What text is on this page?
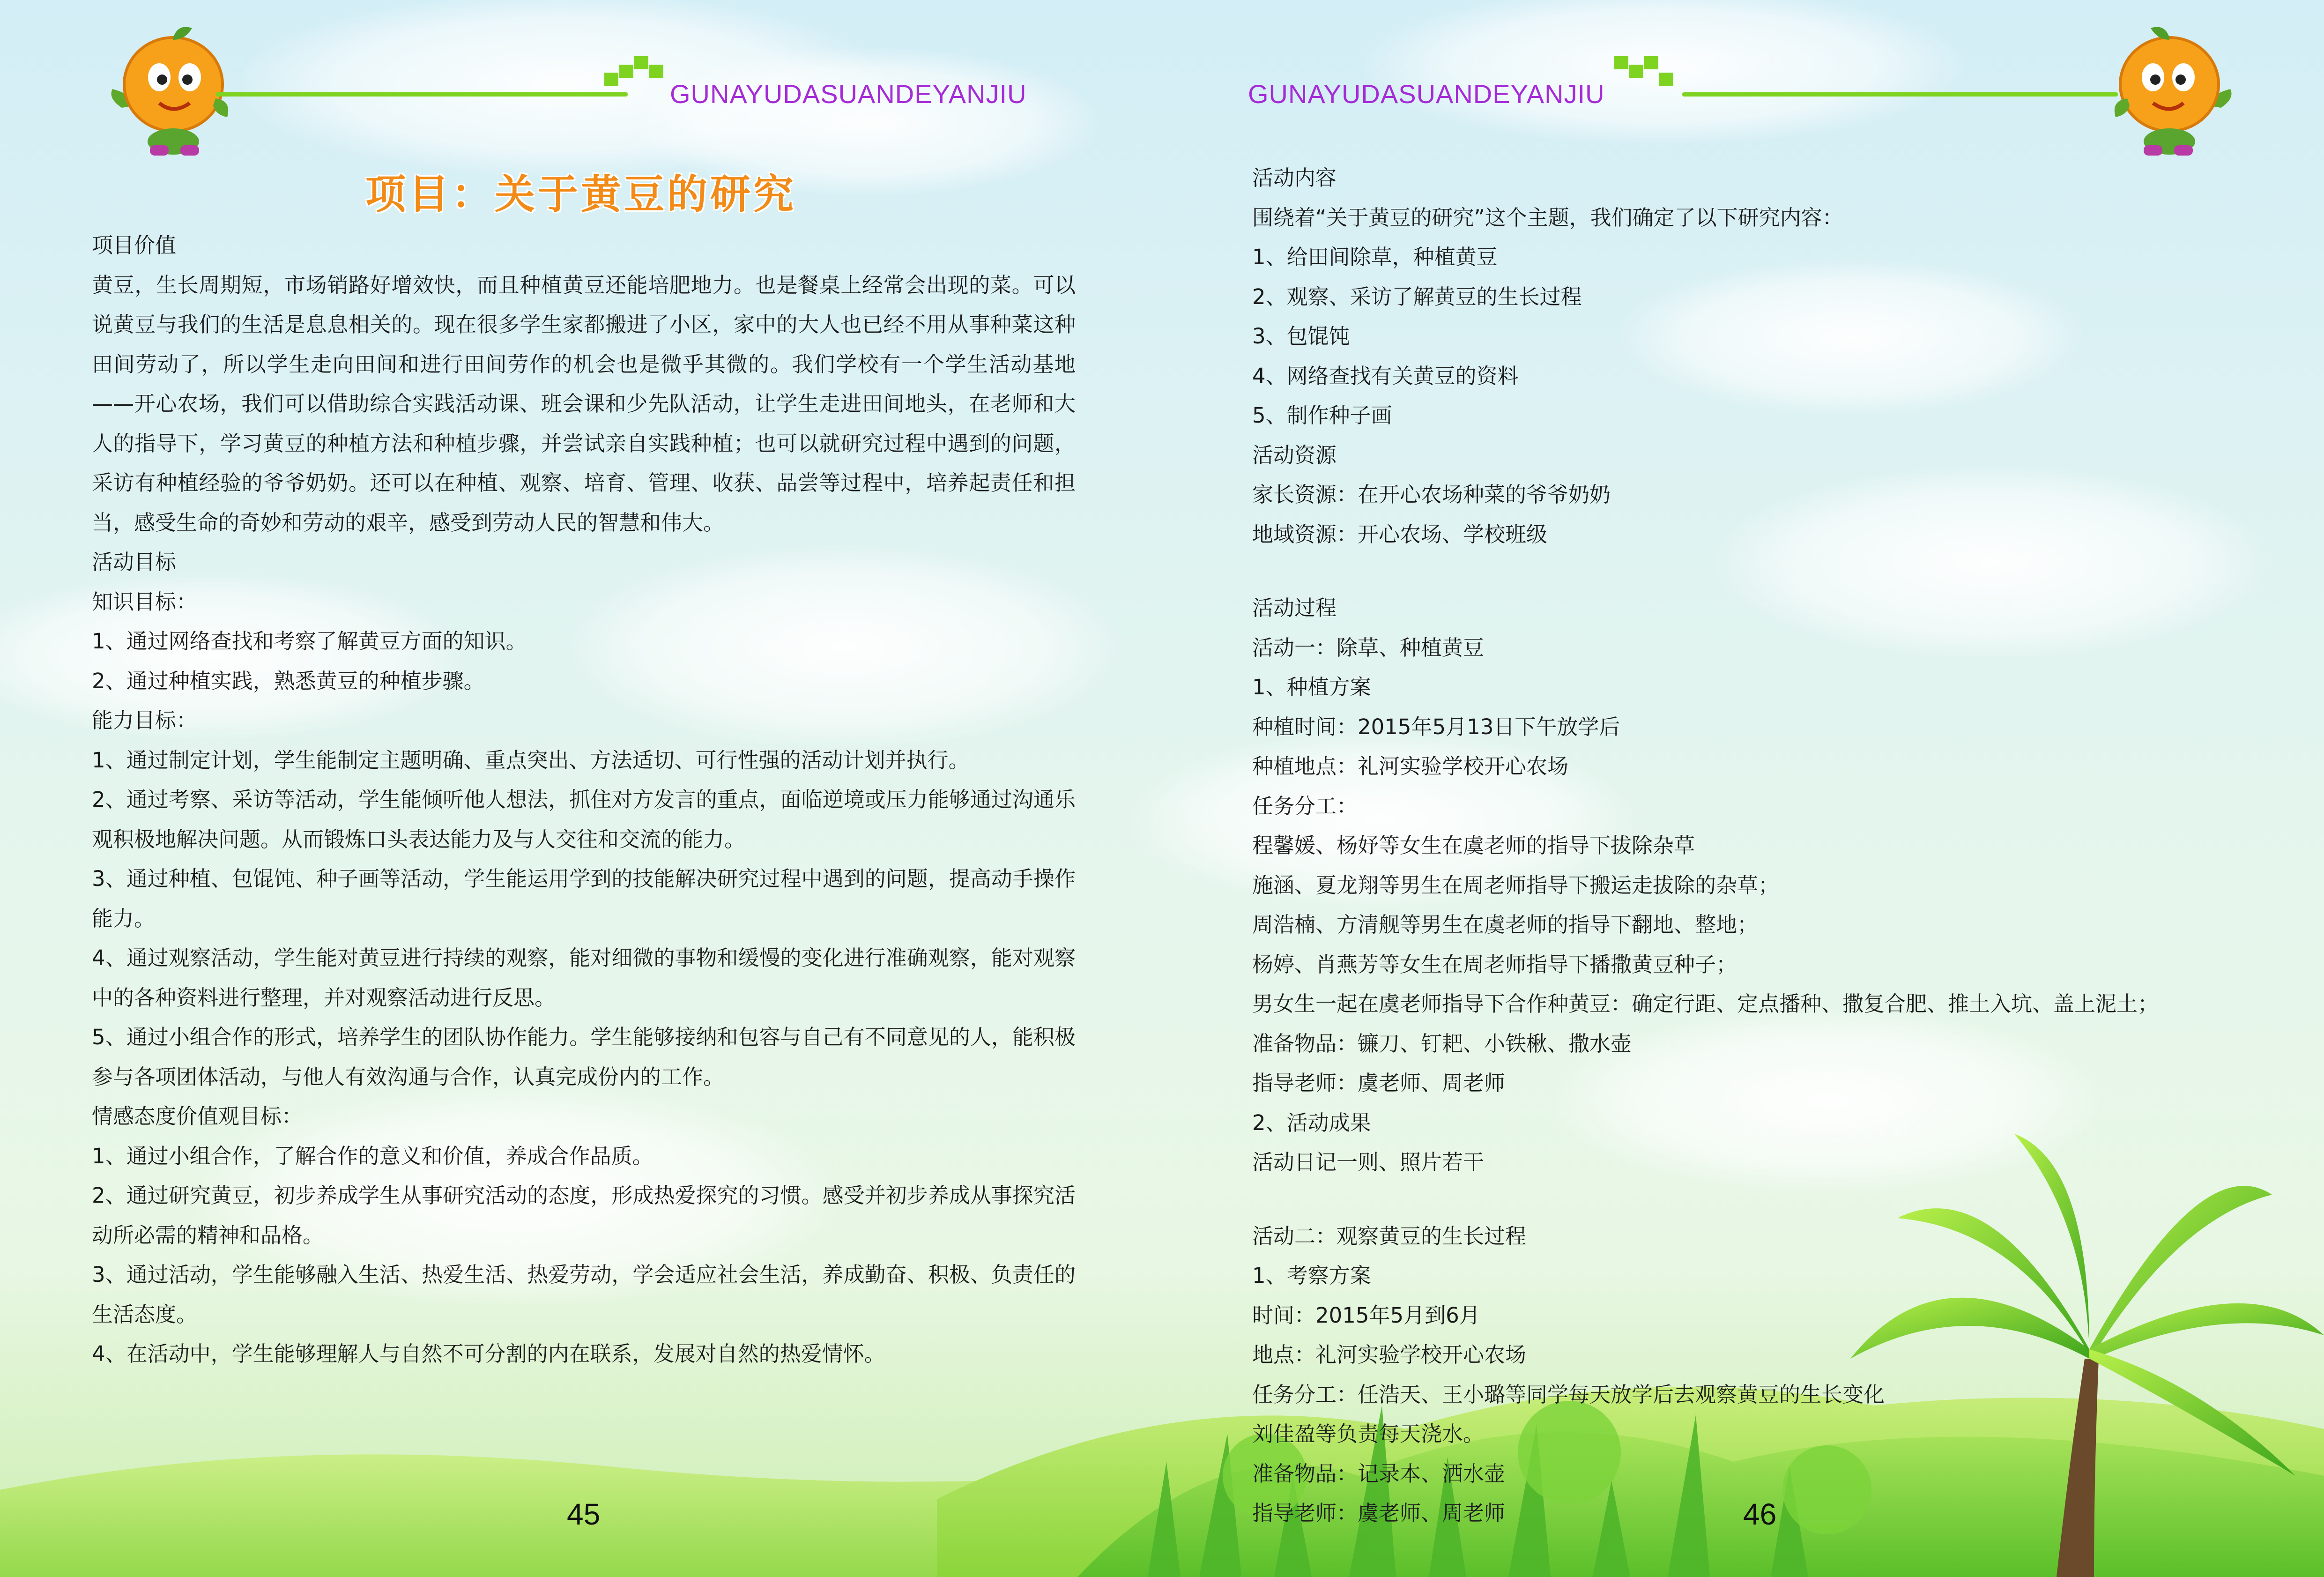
GUNAYUDASUANDEYANJIU
项目：关于黄豆的研究
项目价值
黄豆，生长周期短，市场销路好增效快，而且种植黄豆还能培肥地力。也是餐桌上经常会出现的菜。可以说黄豆与我们的生活是息息相关的。现在很多学生家都搬进了小区，家中的大人也已经不用从事种菜这种田间劳动了，所以学生走向田间和进行田间劳作的机会也是微乎其微的。我们学校有一个学生活动基地——开心农场，我们可以借助综合实践活动课、班会课和少先队活动，让学生走进田间地头，在老师和大人的指导下，学习黄豆的种植方法和种植步骤，并尝试亲自实践种植；也可以就研究过程中遇到的问题，采访有种植经验的爷爷奶奶。还可以在种植、观察、培育、管理、收获、品尝等过程中，培养起责任和担当，感受生命的奇妙和劳动的艰辛，感受到劳动人民的智慧和伟大。
活动目标
知识目标：
1、通过网络查找和考察了解黄豆方面的知识。
2、通过种植实践，熟悉黄豆的种植步骤。
能力目标：
1、通过制定计划，学生能制定主题明确、重点突出、方法适切、可行性强的活动计划并执行。
2、通过考察、采访等活动，学生能倾听他人想法，抓住对方发言的重点，面临逆境或压力能够通过沟通乐观积极地解决问题。从而锻炼口头表达能力及与人交往和交流的能力。
3、通过种植、包馄饨、种子画等活动，学生能运用学到的技能解决研究过程中遇到的问题，提高动手操作能力。
4、通过观察活动，学生能对黄豆进行持续的观察，能对细微的事物和缓慢的变化进行准确观察，能对观察中的各种资料进行整理，并对观察活动进行反思。
5、通过小组合作的形式，培养学生的团队协作能力。学生能够接纳和包容与自己有不同意见的人，能积极参与各项团体活动，与他人有效沟通与合作，认真完成份内的工作。
情感态度价值观目标：
1、通过小组合作，了解合作的意义和价值，养成合作品质。
2、通过研究黄豆，初步养成学生从事研究活动的态度，形成热爱探究的习惯。感受并初步养成从事探究活动所必需的精神和品格。
3、通过活动，学生能够融入生活、热爱生活、热爱劳动，学会适应社会生活，养成勤奋、积极、负责任的生活态度。
4、在活动中，学生能够理解人与自然不可分割的内在联系，发展对自然的热爱情怀。
45
GUNAYUDASUANDEYANJIU
活动内容
围绕着“关于黄豆的研究”这个主题，我们确定了以下研究内容：
1、给田间除草，种植黄豆
2、观察、采访了解黄豆的生长过程
3、包馄饨
4、网络查找有关黄豆的资料
5、制作种子画
活动资源
家长资源：在开心农场种菜的爷爷奶奶
地域资源：开心农场、学校班级
活动过程
活动一：除草、种植黄豆
1、种植方案
种植时间：2015年5月13日下午放学后
种植地点：礼河实验学校开心农场
任务分工：
程馨媛、杨妤等女生在虞老师的指导下拔除杂草
施涵、夏龙翔等男生在周老师指导下搬运走拔除的杂草；
周浩楠、方清舰等男生在虞老师的指导下翻地、整地；
杨婷、肖燕芳等女生在周老师指导下播撒黄豆种子；
男女生一起在虞老师指导下合作种黄豆：确定行距、定点播种、撒复合肥、推土入坑、盖上泥土；
准备物品：镰刀、钉耙、小铁楸、撒水壶
指导老师：虞老师、周老师
2、活动成果
活动日记一则、照片若干
活动二：观察黄豆的生长过程
1、考察方案
时间：2015年5月到6月
地点：礼河实验学校开心农场
任务分工：任浩天、王小璐等同学每天放学后去观察黄豆的生长变化
刘佳盈等负责每天浇水。
准备物品：记录本、洒水壶
指导老师：虞老师、周老师	46
